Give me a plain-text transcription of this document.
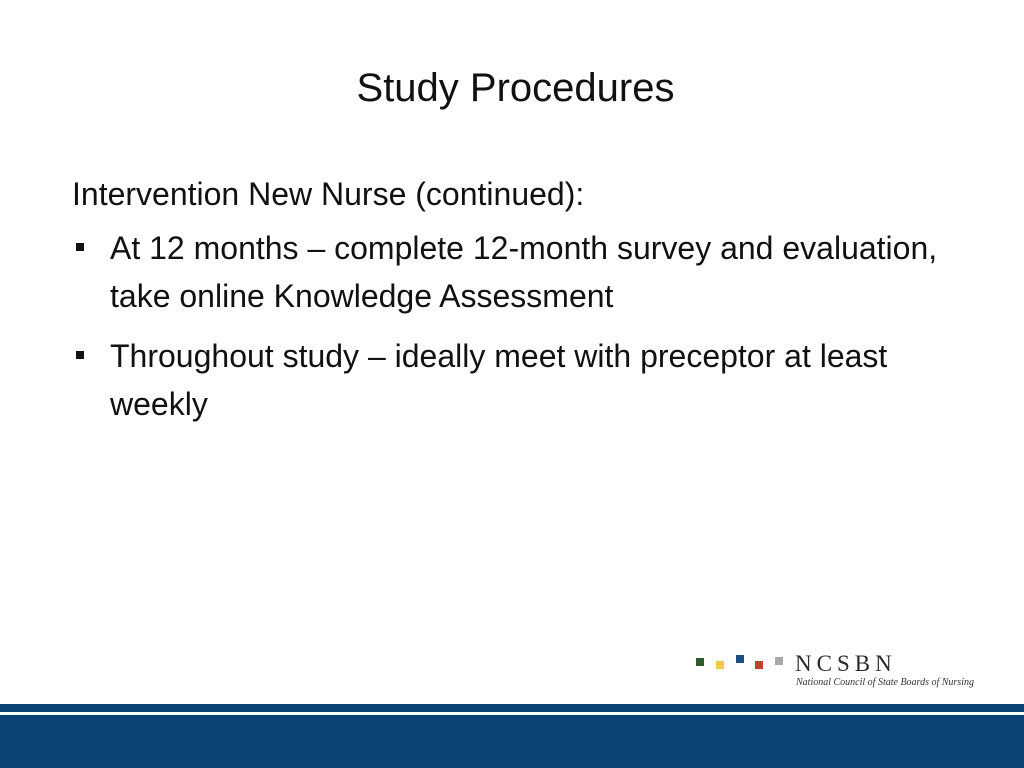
Study Procedures

Intervention New Nurse (continued):

At 12 months – complete 12-month survey and evaluation, take online Knowledge Assessment
Throughout study – ideally meet with preceptor at least weekly
NCSBN
National Council of State Boards of Nursing
